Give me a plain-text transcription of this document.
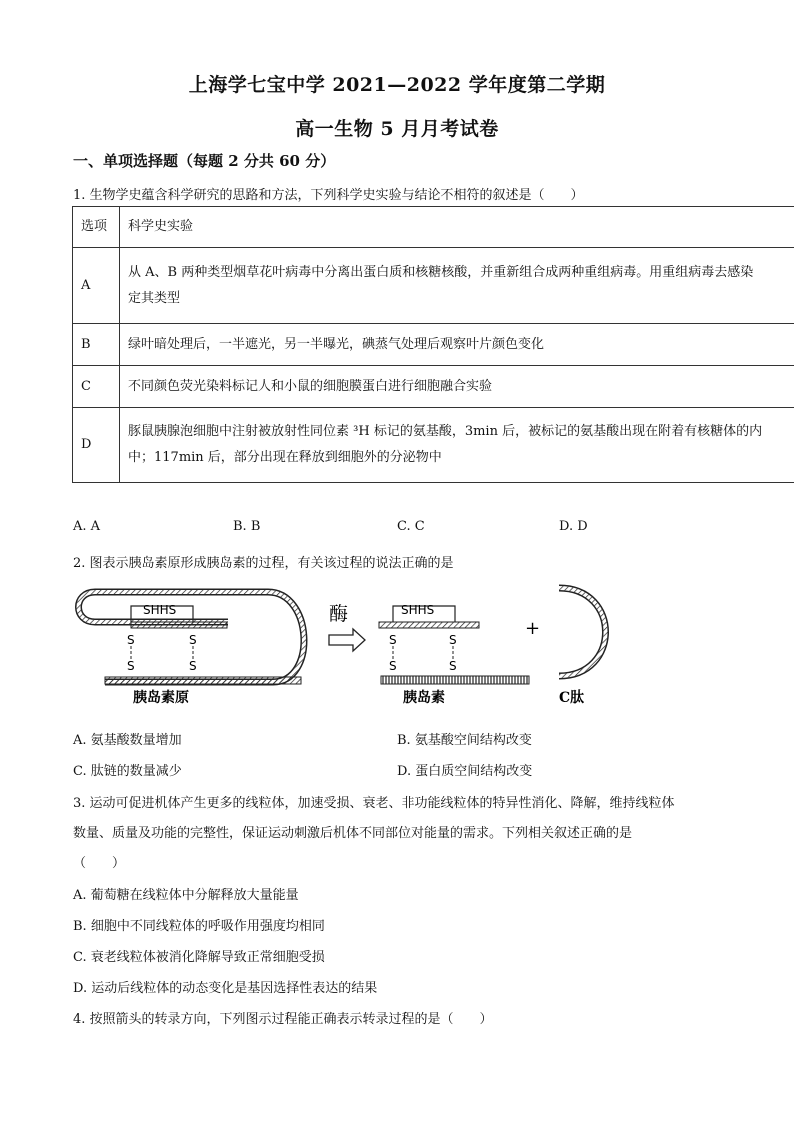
上海学七宝中学 2021—2022 学年度第二学期
高一生物 5 月月考试卷
一、单项选择题（每题 2 分共 60 分）
1. 生物学史蕴含科学研究的思路和方法，下列科学史实验与结论不相符的叙述是（　　）
选项	科学史实验
A	从 A、B 两种类型烟草花叶病毒中分离出蛋白质和核糖核酸，并重新组合成两种重组病毒。用重组病毒去感染
定其类型

B	绿叶暗处理后，一半遮光，另一半曝光，碘蒸气处理后观察叶片颜色变化

C	不同颜色荧光染料标记人和小鼠的细胞膜蛋白进行细胞融合实验

D	豚鼠胰腺泡细胞中注射被放射性同位素 ³H 标记的氨基酸，3min 后，被标记的氨基酸出现在附着有核糖体的内
中；117min 后，部分出现在释放到细胞外的分泌物中
A. A	B. B	C. C	D. D
2. 图表示胰岛素原形成胰岛素的过程，有关该过程的说法正确的是
SHHS
S
S
S
S
胰岛素原
酶	SHHS
S
S
S
S
胰岛素
+
C肽
A. 氨基酸数量增加	B. 氨基酸空间结构改变
C. 肽链的数量减少	D. 蛋白质空间结构改变
3. 运动可促进机体产生更多的线粒体，加速受损、衰老、非功能线粒体的特异性消化、降解，维持线粒体
数量、质量及功能的完整性，保证运动刺激后机体不同部位对能量的需求。下列相关叙述正确的是
（　　）
A. 葡萄糖在线粒体中分解释放大量能量
B. 细胞中不同线粒体的呼吸作用强度均相同
C. 衰老线粒体被消化降解导致正常细胞受损
D. 运动后线粒体的动态变化是基因选择性表达的结果
4. 按照箭头的转录方向，下列图示过程能正确表示转录过程的是（　　）
